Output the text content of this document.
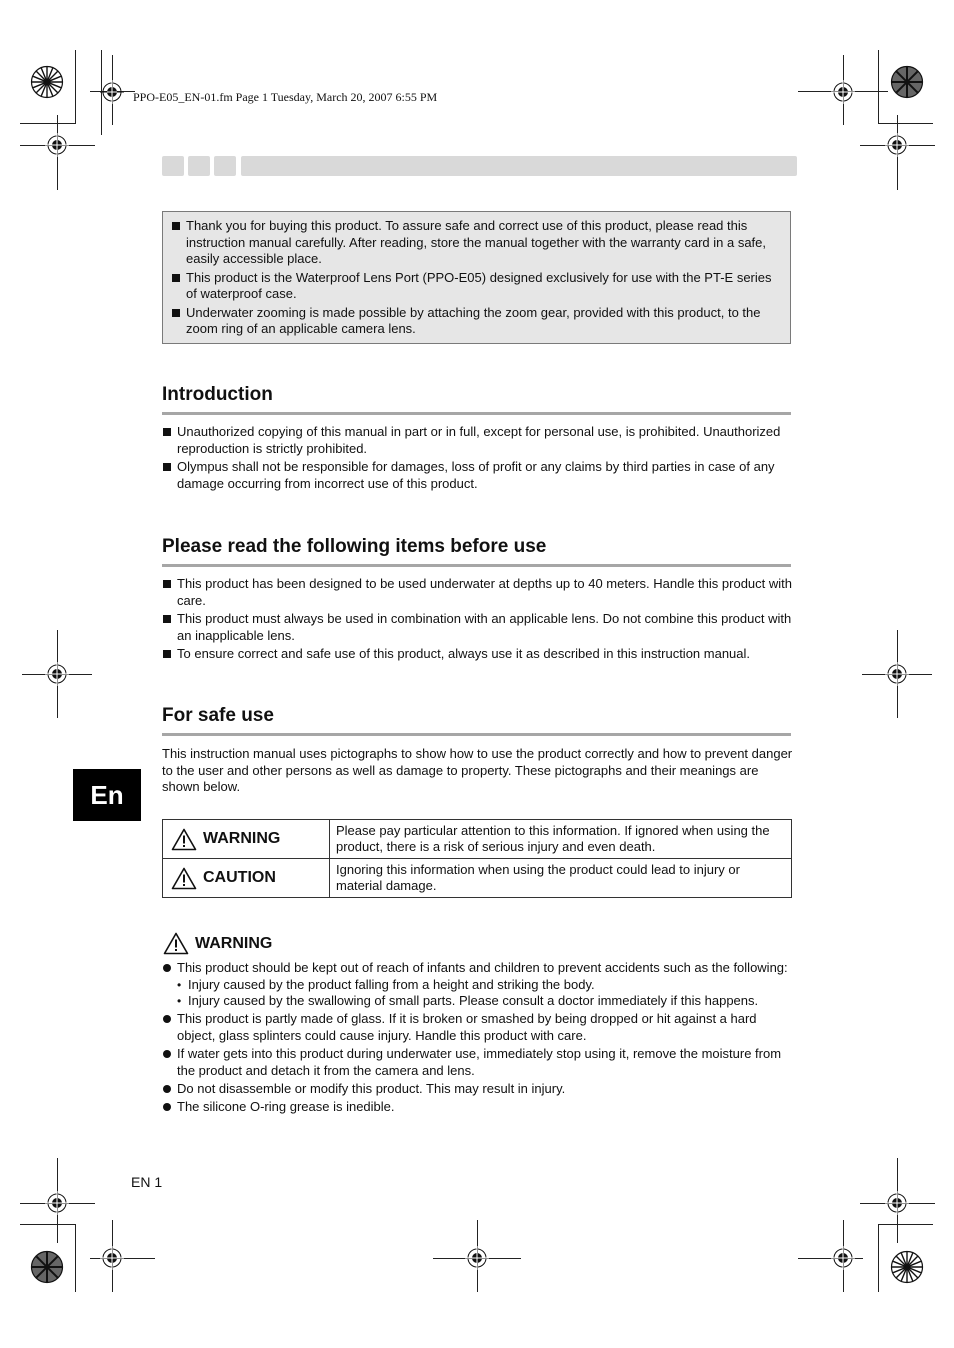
PPO-E05_EN-01.fm Page 1 Tuesday, March 20, 2007 6:55 PM
Thank you for buying this product. To assure safe and correct use of this product, please read this instruction manual carefully. After reading, store the manual together with the warranty card in a safe, easily accessible place.
This product is the Waterproof Lens Port (PPO-E05) designed exclusively for use with the PT-E series of waterproof case.
Underwater zooming is made possible by attaching the zoom gear, provided with this product, to the zoom ring of an applicable camera lens.
Introduction
Unauthorized copying of this manual in part or in full, except for personal use, is prohibited. Unauthorized reproduction is strictly prohibited.
Olympus shall not be responsible for damages, loss of profit or any claims by third parties in case of any damage occurring from incorrect use of this product.
Please read the following items before use
This product has been designed to be used underwater at depths up to 40 meters. Handle this product with care.
This product must always be used in combination with an applicable lens. Do not combine this product with an inapplicable lens.
To ensure correct and safe use of this product, always use it as described in this instruction manual.
For safe use
This instruction manual uses pictographs to show how to use the product correctly and how to prevent danger to the user and other persons as well as damage to property. These pictographs and their meanings are shown below.
En
WARNING	Please pay particular attention to this information. If ignored when using the product, there is a risk of serious injury and even death.

CAUTION	Ignoring this information when using the product could lead to injury or material damage.
WARNING
This product should be kept out of reach of infants and children to prevent accidents such as the following:
• Injury caused by the product falling from a height and striking the body.
• Injury caused by the swallowing of small parts. Please consult a doctor immediately if this happens.
This product is partly made of glass. If it is broken or smashed by being dropped or hit against a hard object, glass splinters could cause injury. Handle this product with care.
If water gets into this product during underwater use, immediately stop using it, remove the moisture from the product and detach it from the camera and lens.
Do not disassemble or modify this product. This may result in injury.
The silicone O-ring grease is inedible.
EN 1
